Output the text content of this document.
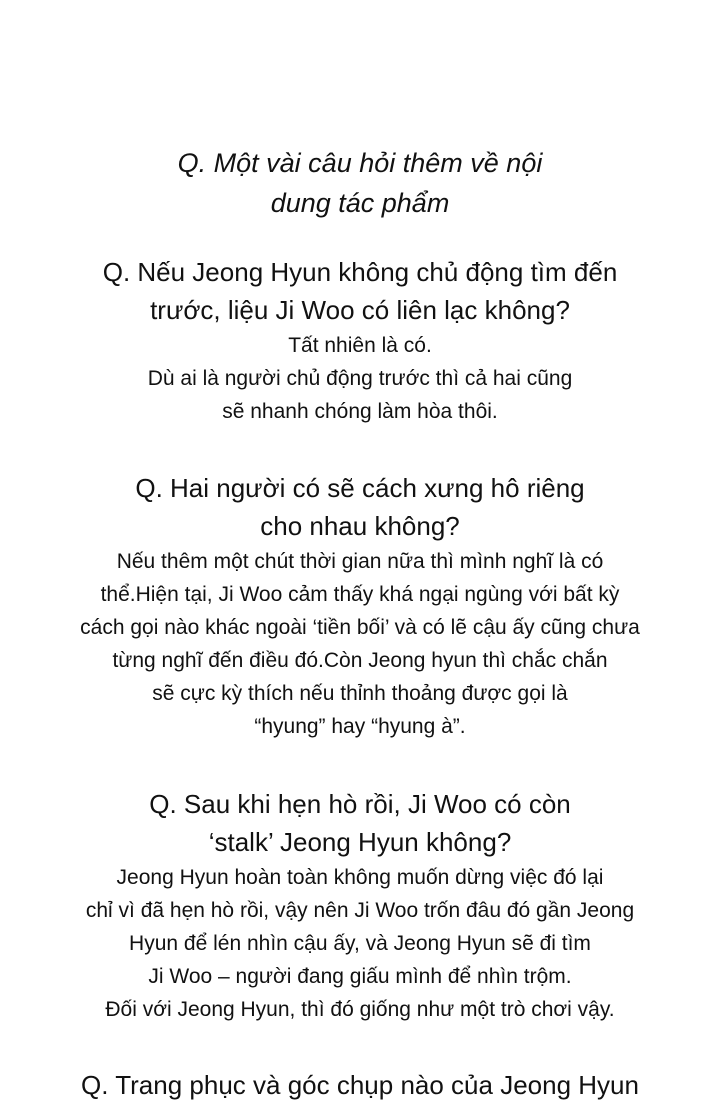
Q. Một vài câu hỏi thêm về nội
dung tác phẩm
Q. Nếu Jeong Hyun không chủ động tìm đến
trước, liệu Ji Woo có liên lạc không?

Tất nhiên là có.
Dù ai là người chủ động trước thì cả hai cũng
sẽ nhanh chóng làm hòa thôi.

Q. Hai người có sẽ cách xưng hô riêng
cho nhau không?

Nếu thêm một chút thời gian nữa thì mình nghĩ là có
thể.Hiện tại, Ji Woo cảm thấy khá ngại ngùng với bất kỳ
cách gọi nào khác ngoài ‘tiền bối’ và có lẽ cậu ấy cũng chưa
từng nghĩ đến điều đó.Còn Jeong hyun thì chắc chắn
sẽ cực kỳ thích nếu thỉnh thoảng được gọi là
“hyung” hay “hyung à”.

Q. Sau khi hẹn hò rồi, Ji Woo có còn
‘stalk’ Jeong Hyun không?

Jeong Hyun hoàn toàn không muốn dừng việc đó lại
chỉ vì đã hẹn hò rồi, vậy nên Ji Woo trốn đâu đó gần Jeong
Hyun để lén nhìn cậu ấy, và Jeong Hyun sẽ đi tìm
Ji Woo – người đang giấu mình để nhìn trộm.
Đối với Jeong Hyun, thì đó giống như một trò chơi vậy.

Q. Trang phục và góc chụp nào của Jeong Hyun
